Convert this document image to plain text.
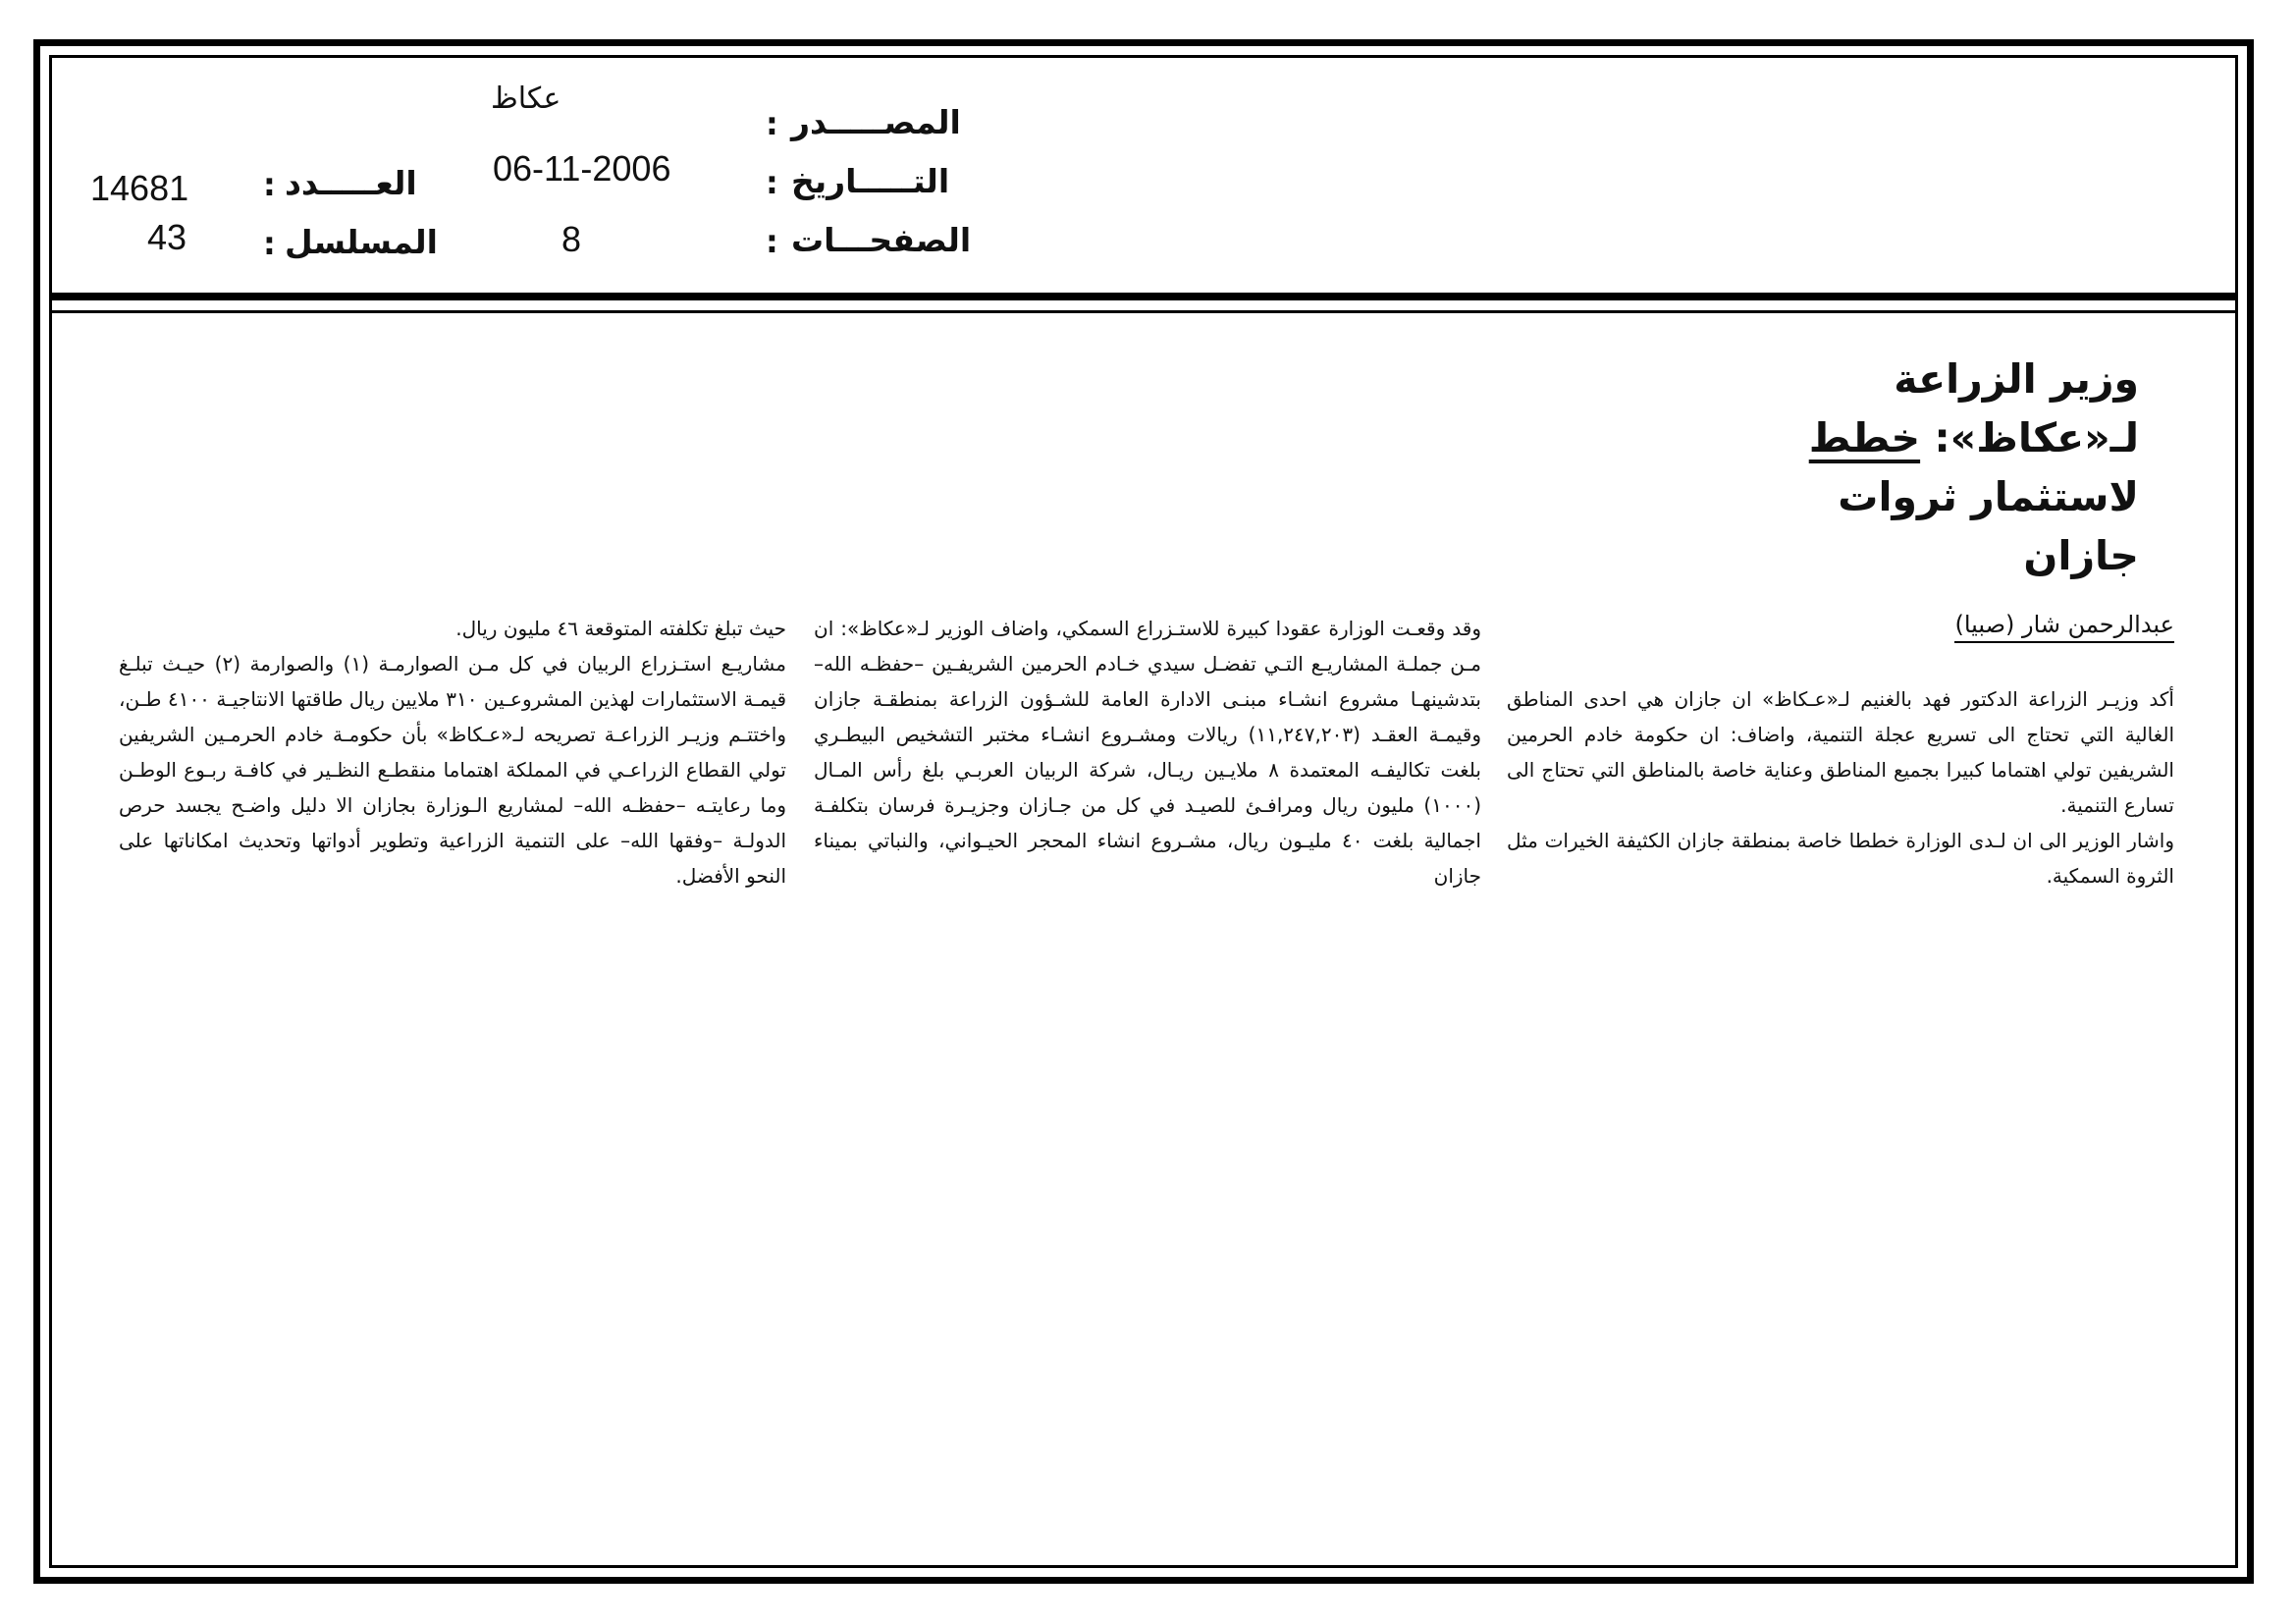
المصـــــدر
التـــــاريخ
الصفحـــات
:
:
:
عكاظ
06-11-2006
8
العـــــدد
المسلسل
:
:
14681
43
وزير الزراعة
لـ«عكاظ»: خطط
لاستثمار ثروات
جازان
عبدالرحمن شار (صبيا)

أكد وزيـر الزراعة الدكتور فهد بالغنيم لـ«عـكاظ» ان جازان هي احدى المناطق الغالية التي تحتاج الى تسريع عجلة التنمية، واضاف: ان حكومة خادم الحرمين الشريفين تولي اهتماما كبيرا بجميع المناطق وعناية خاصة بالمناطق التي تحتاج الى تسارع التنمية.

واشار الوزير الى ان لـدى الوزارة خططا خاصة بمنطقة جازان الكثيفة الخيرات مثل الثروة السمكية.

وقد وقعـت الوزارة عقودا كبيرة للاستـزراع السمكي، واضاف الوزير لـ«عكاظ»: ان مـن جملـة المشاريـع التـي تفضـل سيدي خـادم الحرمين الشريفـين –حفظـه الله– بتدشينهـا مشروع انشـاء مبنـى الادارة العامة للشـؤون الزراعة بمنطقـة جازان وقيمـة العقـد (١١,٢٤٧,٢٠٣) ريالات ومشـروع انشـاء مختبر التشخيص البيطـري بلغت تكاليفـه المعتمدة ٨ ملايـين ريـال، شركة الربيان العربـي بلغ رأس المـال (١٠٠٠) مليون ريال ومرافـئ للصيـد في كل من جـازان وجزيـرة فرسان بتكلفـة اجمالية بلغت ٤٠ مليـون ريال، مشـروع انشاء المحجر الحيـواني، والنباتي بميناء جازان

حيث تبلغ تكلفته المتوقعة ٤٦ مليون ريال.

مشاريـع استـزراع الربيان في كل مـن الصوارمـة (١) والصوارمة (٢) حيـث تبلـغ قيمـة الاستثمارات لهذين المشروعـين ٣١٠ ملايين ريال طاقتها الانتاجيـة ٤١٠٠ طـن، واختتـم وزيـر الزراعـة تصريحه لـ«عـكاظ» بأن حكومـة خادم الحرمـين الشريفين تولي القطاع الزراعـي في المملكة اهتماما منقطـع النظـير في كافـة ربـوع الوطـن وما رعايتـه –حفظـه الله– لمشاريع الـوزارة بجازان الا دليل واضـح يجسد حرص الدولـة –وفقها الله– على التنمية الزراعية وتطوير أدواتها وتحديث امكاناتها على النحو الأفضل.
